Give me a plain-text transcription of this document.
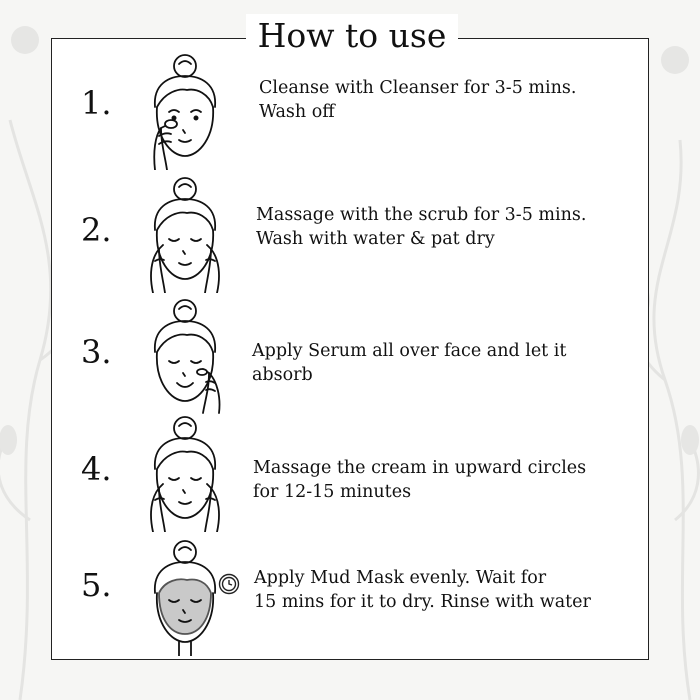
How to use
1.	Cleanse with Cleanser for 3-5 mins.
Wash off
2.	Massage with the scrub for 3-5 mins.
Wash with water & pat dry
3.	Apply Serum all over face and let it
absorb
4.	Massage the cream in upward circles
for 12-15 minutes
5.	Apply Mud Mask evenly. Wait for
15 mins for it to dry. Rinse with water
